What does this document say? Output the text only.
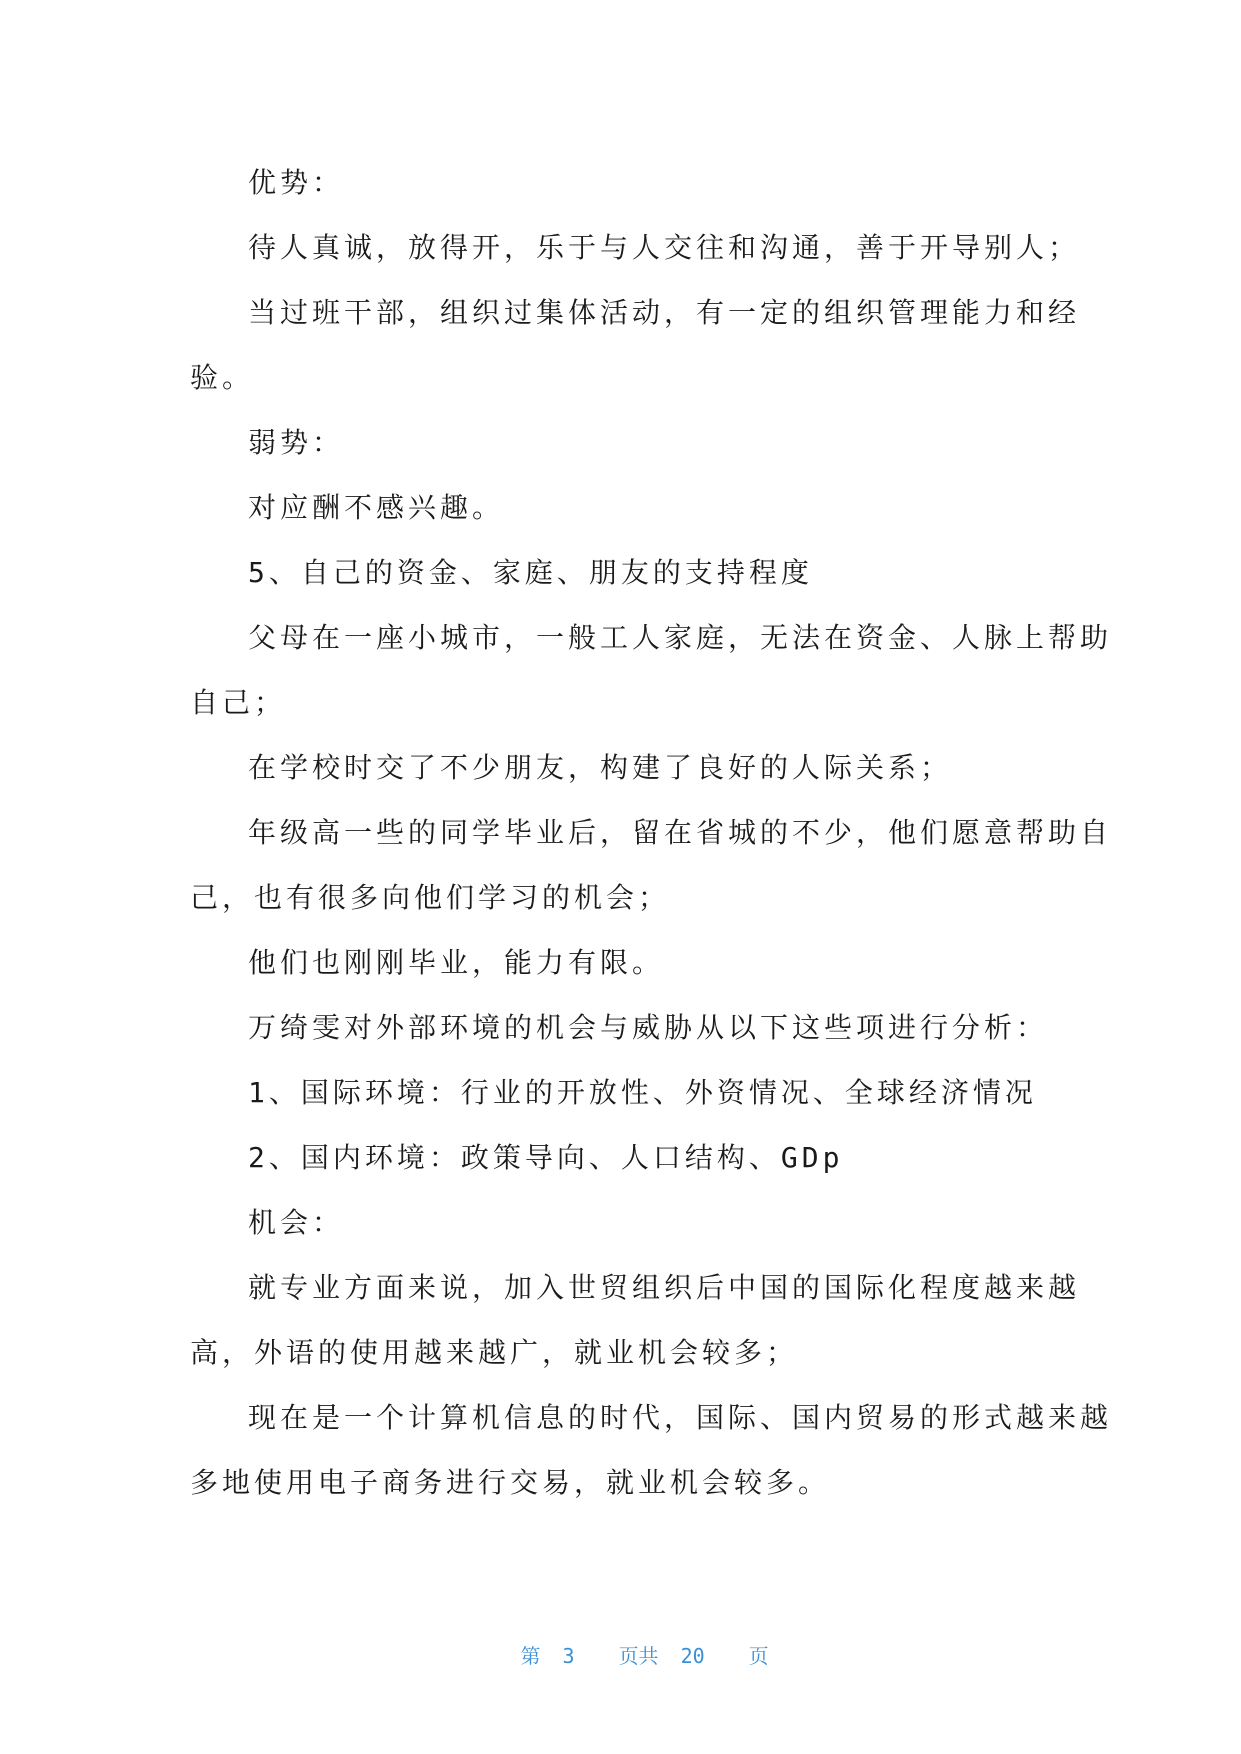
优势：
待人真诚，放得开，乐于与人交往和沟通，善于开导别人；
当过班干部，组织过集体活动，有一定的组织管理能力和经
验。
弱势：
对应酬不感兴趣。
5、自己的资金、家庭、朋友的支持程度
父母在一座小城市，一般工人家庭，无法在资金、人脉上帮助
自己；
在学校时交了不少朋友，构建了良好的人际关系；
年级高一些的同学毕业后，留在省城的不少，他们愿意帮助自
己，也有很多向他们学习的机会；
他们也刚刚毕业，能力有限。
万绮雯对外部环境的机会与威胁从以下这些项进行分析：
1、国际环境：行业的开放性、外资情况、全球经济情况
2、国内环境：政策导向、人口结构、GDp
机会：
就专业方面来说，加入世贸组织后中国的国际化程度越来越
高，外语的使用越来越广，就业机会较多；
现在是一个计算机信息的时代，国际、国内贸易的形式越来越
多地使用电子商务进行交易，就业机会较多。

第 3 页共 20 页
